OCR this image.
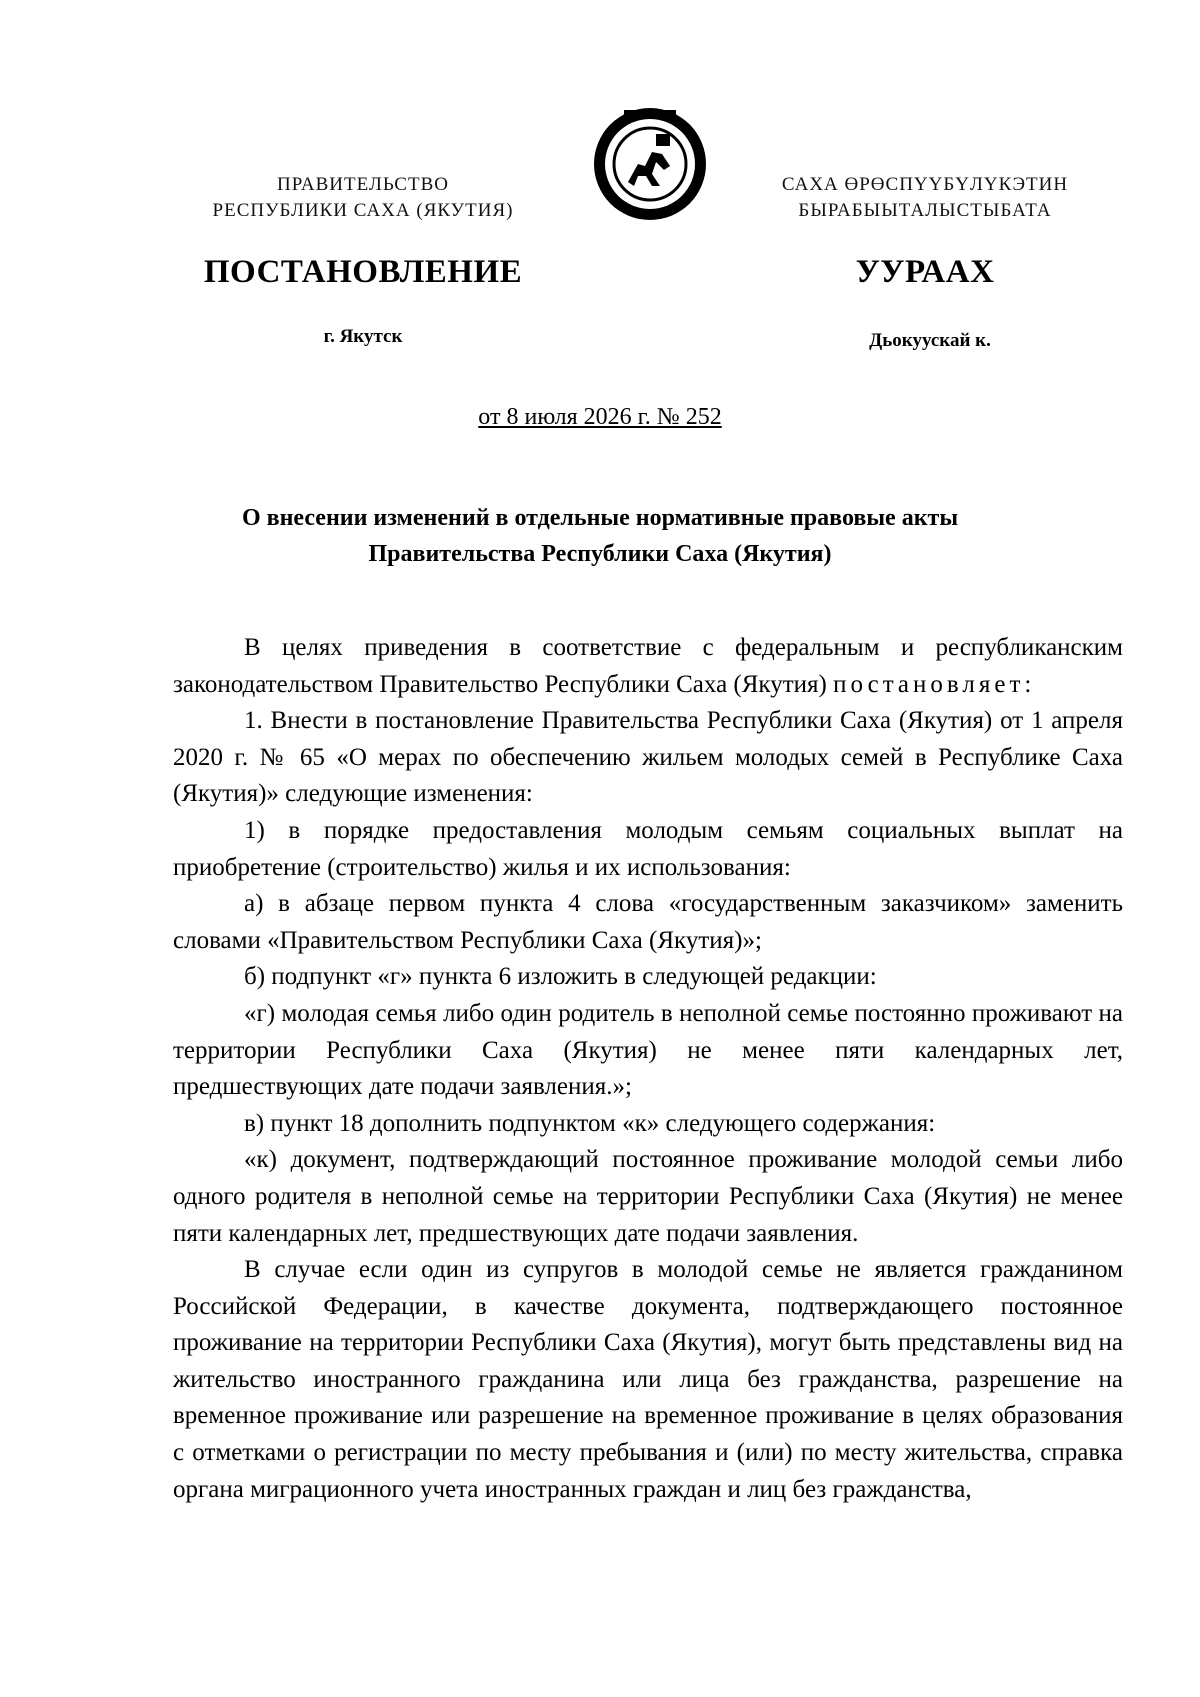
ПРАВИТЕЛЬСТВО
РЕСПУБЛИКИ САХА (ЯКУТИЯ)
САХА ӨРӨСПҮҮБҮЛҮКЭТИН
БЫРАБЫЫТАЛЫСТЫБАТА
ПОСТАНОВЛЕНИЕ	УУРААХ
г. Якутск	Дьокуускай к.
от 8 июля 2026 г. № 252
О внесении изменений в отдельные нормативные правовые акты
Правительства Республики Саха (Якутия)

В целях приведения в соответствие с федеральным и республиканским законодательством Правительство Республики Саха (Якутия) постановляет:

1. Внести в постановление Правительства Республики Саха (Якутия) от 1 апреля 2020 г. № 65 «О мерах по обеспечению жильем молодых семей в Республике Саха (Якутия)» следующие изменения:

1) в порядке предоставления молодым семьям социальных выплат на приобретение (строительство) жилья и их использования:

а) в абзаце первом пункта 4 слова «государственным заказчиком» заменить словами «Правительством Республики Саха (Якутия)»;

б) подпункт «г» пункта 6 изложить в следующей редакции:

«г) молодая семья либо один родитель в неполной семье постоянно проживают на территории Республики Саха (Якутия) не менее пяти календарных лет, предшествующих дате подачи заявления.»;

в) пункт 18 дополнить подпунктом «к» следующего содержания:

«к) документ, подтверждающий постоянное проживание молодой семьи либо одного родителя в неполной семье на территории Республики Саха (Якутия) не менее пяти календарных лет, предшествующих дате подачи заявления.

В случае если один из супругов в молодой семье не является гражданином Российской Федерации, в качестве документа, подтверждающего постоянное проживание на территории Республики Саха (Якутия), могут быть представлены вид на жительство иностранного гражданина или лица без гражданства, разрешение на временное проживание или разрешение на временное проживание в целях образования с отметками о регистрации по месту пребывания и (или) по месту жительства, справка органа миграционного учета иностранных граждан и лиц без гражданства,
